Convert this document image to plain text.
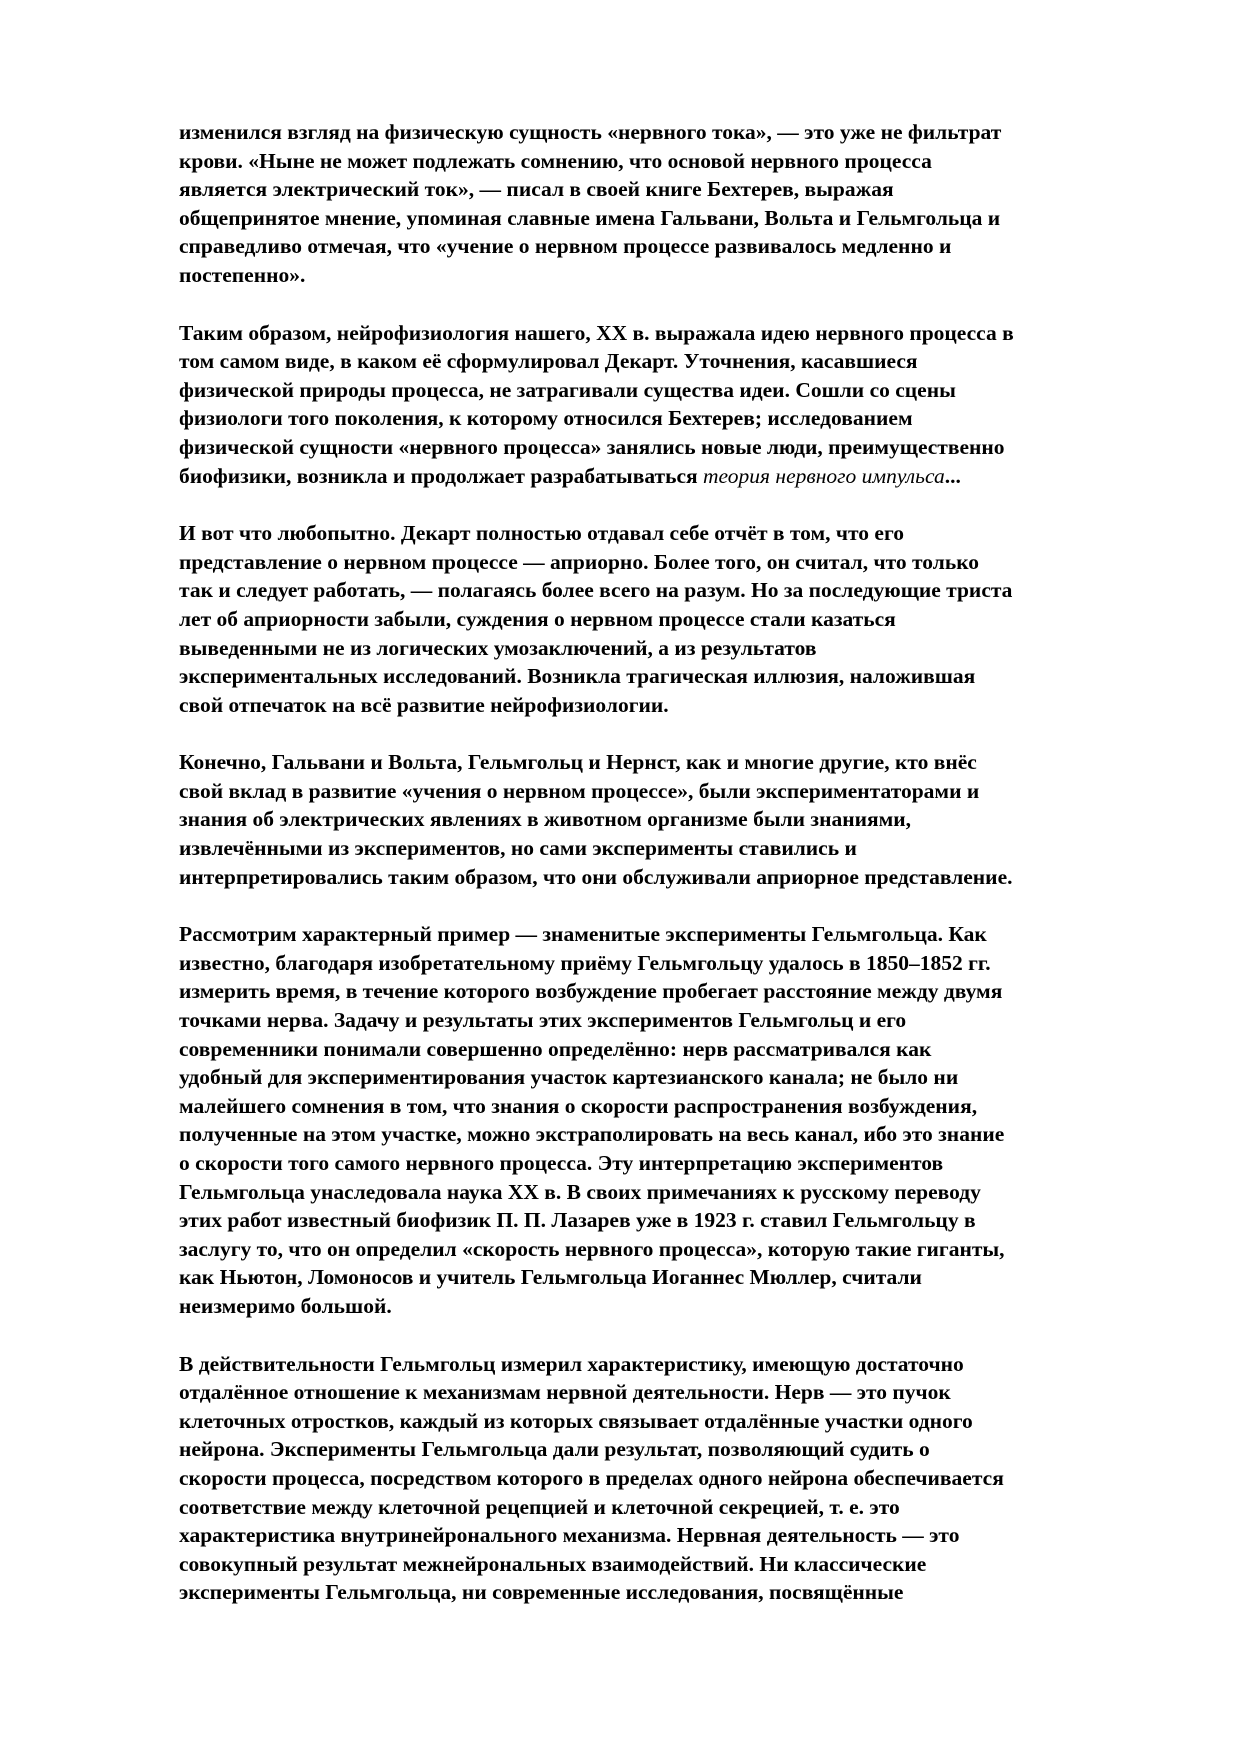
изменился взгляд на физическую сущность «нервного тока», — это уже не фильтрат
крови. «Ныне не может подлежать сомнению, что основой нервного процесса
является электрический ток», — писал в своей книге Бехтерев, выражая
общепринятое мнение, упоминая славные имена Гальвани, Вольта и Гельмгольца и
справедливо отмечая, что «учение о нервном процессе развивалось медленно и
постепенно».

Таким образом, нейрофизиология нашего, XX в. выражала идею нервного процесса в
том самом виде, в каком её сформулировал Декарт. Уточнения, касавшиеся
физической природы процесса, не затрагивали существа идеи. Сошли со сцены
физиологи того поколения, к которому относился Бехтерев; исследованием
физической сущности «нервного процесса» занялись новые люди, преимущественно
биофизики, возникла и продолжает разрабатываться теория нервного импульса...

И вот что любопытно. Декарт полностью отдавал себе отчёт в том, что его
представление о нервном процессе — априорно. Более того, он считал, что только
так и следует работать, — полагаясь более всего на разум. Но за последующие триста
лет об априорности забыли, суждения о нервном процессе стали казаться
выведенными не из логических умозаключений, а из результатов
экспериментальных исследований. Возникла трагическая иллюзия, наложившая
свой отпечаток на всё развитие нейрофизиологии.

Конечно, Гальвани и Вольта, Гельмгольц и Нернст, как и многие другие, кто внёс
свой вклад в развитие «учения о нервном процессе», были экспериментаторами и
знания об электрических явлениях в животном организме были знаниями,
извлечёнными из экспериментов, но сами эксперименты ставились и
интерпретировались таким образом, что они обслуживали априорное представление.

Рассмотрим характерный пример — знаменитые эксперименты Гельмгольца. Как
известно, благодаря изобретательному приёму Гельмгольцу удалось в 1850–1852 гг.
измерить время, в течение которого возбуждение пробегает расстояние между двумя
точками нерва. Задачу и результаты этих экспериментов Гельмгольц и его
современники понимали совершенно определённо: нерв рассматривался как
удобный для экспериментирования участок картезианского канала; не было ни
малейшего сомнения в том, что знания о скорости распространения возбуждения,
полученные на этом участке, можно экстраполировать на весь канал, ибо это знание
о скорости того самого нервного процесса. Эту интерпретацию экспериментов
Гельмгольца унаследовала наука XX в. В своих примечаниях к русскому переводу
этих работ известный биофизик П. П. Лазарев уже в 1923 г. ставил Гельмгольцу в
заслугу то, что он определил «скорость нервного процесса», которую такие гиганты,
как Ньютон, Ломоносов и учитель Гельмгольца Иоганнес Мюллер, считали
неизмеримо большой.

В действительности Гельмгольц измерил характеристику, имеющую достаточно
отдалённое отношение к механизмам нервной деятельности. Нерв — это пучок
клеточных отростков, каждый из которых связывает отдалённые участки одного
нейрона. Эксперименты Гельмгольца дали результат, позволяющий судить о
скорости процесса, посредством которого в пределах одного нейрона обеспечивается
соответствие между клеточной рецепцией и клеточной секрецией, т. е. это
характеристика внутринейронального механизма. Нервная деятельность — это
совокупный результат межнейрональных взаимодействий. Ни классические
эксперименты Гельмгольца, ни современные исследования, посвящённые
